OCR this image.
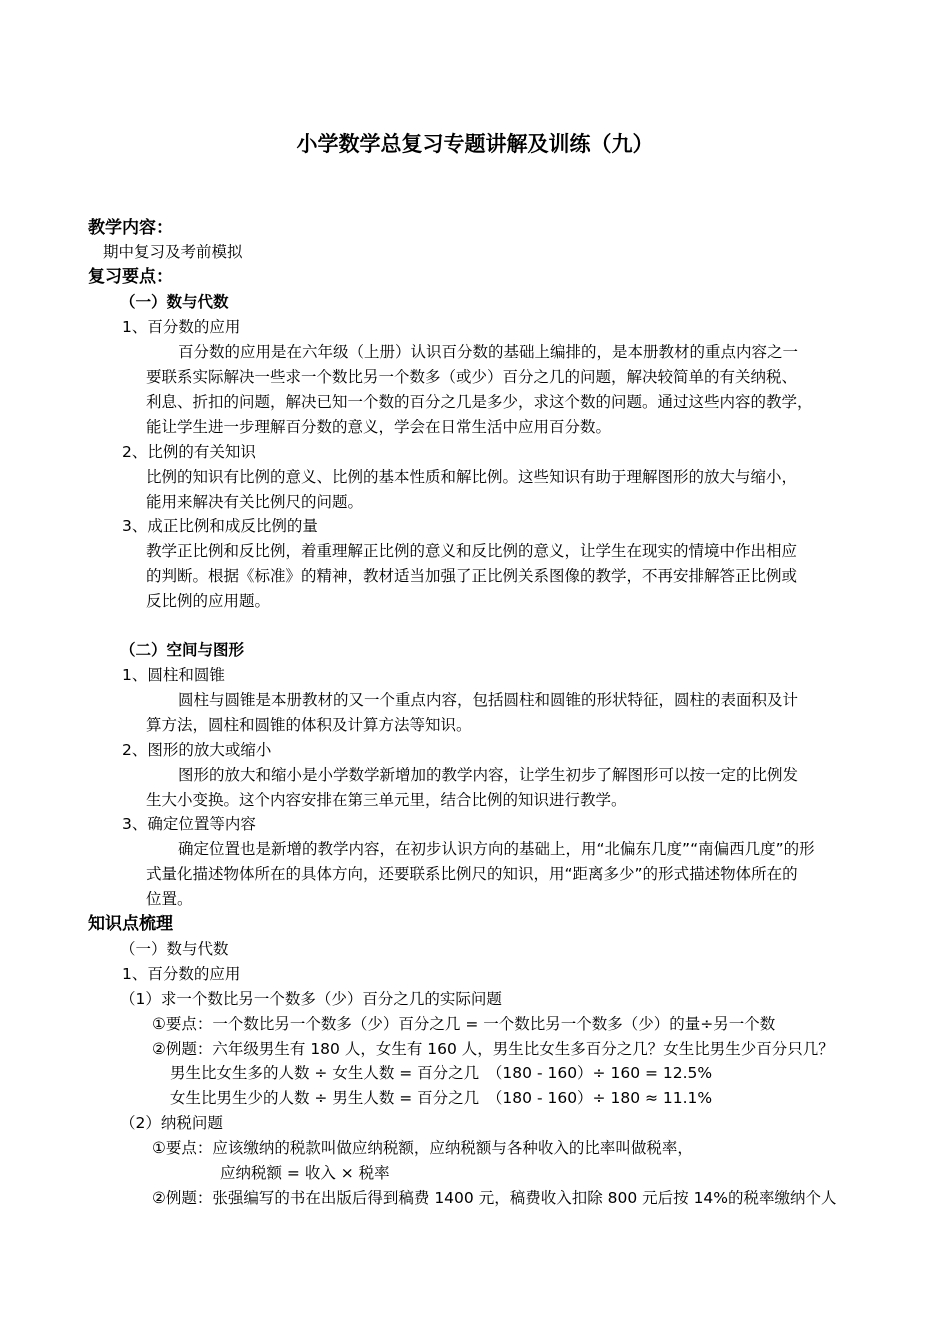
小学数学总复习专题讲解及训练（九）
教学内容：
期中复习及考前模拟
复习要点：
（一）数与代数
1、百分数的应用
百分数的应用是在六年级（上册）认识百分数的基础上编排的，是本册教材的重点内容之一
要联系实际解决一些求一个数比另一个数多（或少）百分之几的问题，解决较简单的有关纳税、
利息、折扣的问题，解决已知一个数的百分之几是多少，求这个数的问题。通过这些内容的教学，
能让学生进一步理解百分数的意义，学会在日常生活中应用百分数。
2、比例的有关知识
比例的知识有比例的意义、比例的基本性质和解比例。这些知识有助于理解图形的放大与缩小，
能用来解决有关比例尺的问题。
3、成正比例和成反比例的量
教学正比例和反比例，着重理解正比例的意义和反比例的意义，让学生在现实的情境中作出相应
的判断。根据《标准》的精神，教材适当加强了正比例关系图像的教学，不再安排解答正比例或
反比例的应用题。
（二）空间与图形
1、圆柱和圆锥
圆柱与圆锥是本册教材的又一个重点内容，包括圆柱和圆锥的形状特征，圆柱的表面积及计
算方法，圆柱和圆锥的体积及计算方法等知识。
2、图形的放大或缩小
图形的放大和缩小是小学数学新增加的教学内容，让学生初步了解图形可以按一定的比例发
生大小变换。这个内容安排在第三单元里，结合比例的知识进行教学。
3、确定位置等内容
确定位置也是新增的教学内容，在初步认识方向的基础上，用“北偏东几度”“南偏西几度”的形
式量化描述物体所在的具体方向，还要联系比例尺的知识，用“距离多少”的形式描述物体所在的
位置。
知识点梳理
（一）数与代数
1、百分数的应用
（1）求一个数比另一个数多（少）百分之几的实际问题
①要点：一个数比另一个数多（少）百分之几 = 一个数比另一个数多（少）的量÷另一个数
②例题：六年级男生有 180 人，女生有 160 人，男生比女生多百分之几？女生比男生少百分只几？
男生比女生多的人数 ÷ 女生人数 = 百分之几　（180 - 160）÷ 160 = 12.5%
女生比男生少的人数 ÷ 男生人数 = 百分之几　（180 - 160）÷ 180 ≈ 11.1%
（2）纳税问题
①要点：应该缴纳的税款叫做应纳税额，应纳税额与各种收入的比率叫做税率，
应纳税额 = 收入 × 税率
②例题：张强编写的书在出版后得到稿费 1400 元，稿费收入扣除 800 元后按 14%的税率缴纳个人
